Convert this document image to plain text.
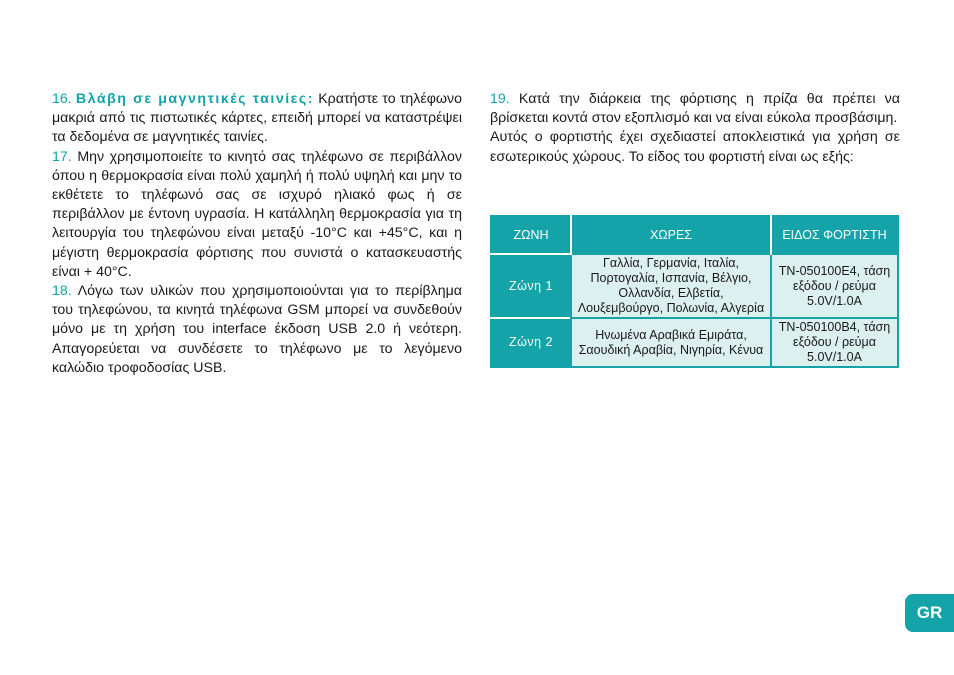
16. Βλάβη σε μαγνητικές ταινίες: Κρατήστε το τηλέφωνο μακριά από τις πιστωτικές κάρτες, επειδή μπορεί να καταστρέψει τα δεδομένα σε μαγνητικές ταινίες.

17. Μην χρησιμοποιείτε το κινητό σας τηλέφωνο σε περιβάλλον όπου η θερμοκρασία είναι πολύ χαμηλή ή πολύ υψηλή και μην το εκθέτετε το τηλέφωνό σας σε ισχυρό ηλιακό φως ή σε περιβάλλον με έντονη υγρασία. Η κατάλληλη θερμοκρασία για τη λειτουργία του τηλεφώνου είναι μεταξύ -10°C και +45°C, και η μέγιστη θερμοκρασία φόρτισης που συνιστά ο κατασκευαστής είναι + 40°C.

18. Λόγω των υλικών που χρησιμοποιούνται για το περίβλημα του τηλεφώνου, τα κινητά τηλέφωνα GSM μπορεί να συνδεθούν μόνο με τη χρήση του interface έκδοση USB 2.0 ή νεότερη. Απαγορεύεται να συνδέσετε το τηλέφωνο με το λεγόμενο καλώδιο τροφοδοσίας USB.

19. Κατά την διάρκεια της φόρτισης η πρίζα θα πρέπει να βρίσκεται κοντά στον εξοπλισμό και να είναι εύκολα προσβάσιμη.

Αυτός ο φορτιστής έχει σχεδιαστεί αποκλειστικά για χρήση σε εσωτερικούς χώρους. Το είδος του φορτιστή είναι ως εξής:

ΖΩΝΗ	ΧΩΡΕΣ	ΕΙΔΟΣ ΦΟΡΤΙΣΤΗ
Ζώνη 1	Γαλλία, Γερμανία, Ιταλία, Πορτογαλία, Ισπανία, Βέλγιο, Ολλανδία, Ελβετία, Λουξεμβούργο, Πολωνία, Αλγερία	TN-050100E4, τάση εξόδου / ρεύμα 5.0V/1.0A
Ζώνη 2	Ηνωμένα Αραβικά Εμιράτα, Σαουδική Αραβία, Νιγηρία, Κένυα	TN-050100B4, τάση εξόδου / ρεύμα 5.0V/1.0A
GR
